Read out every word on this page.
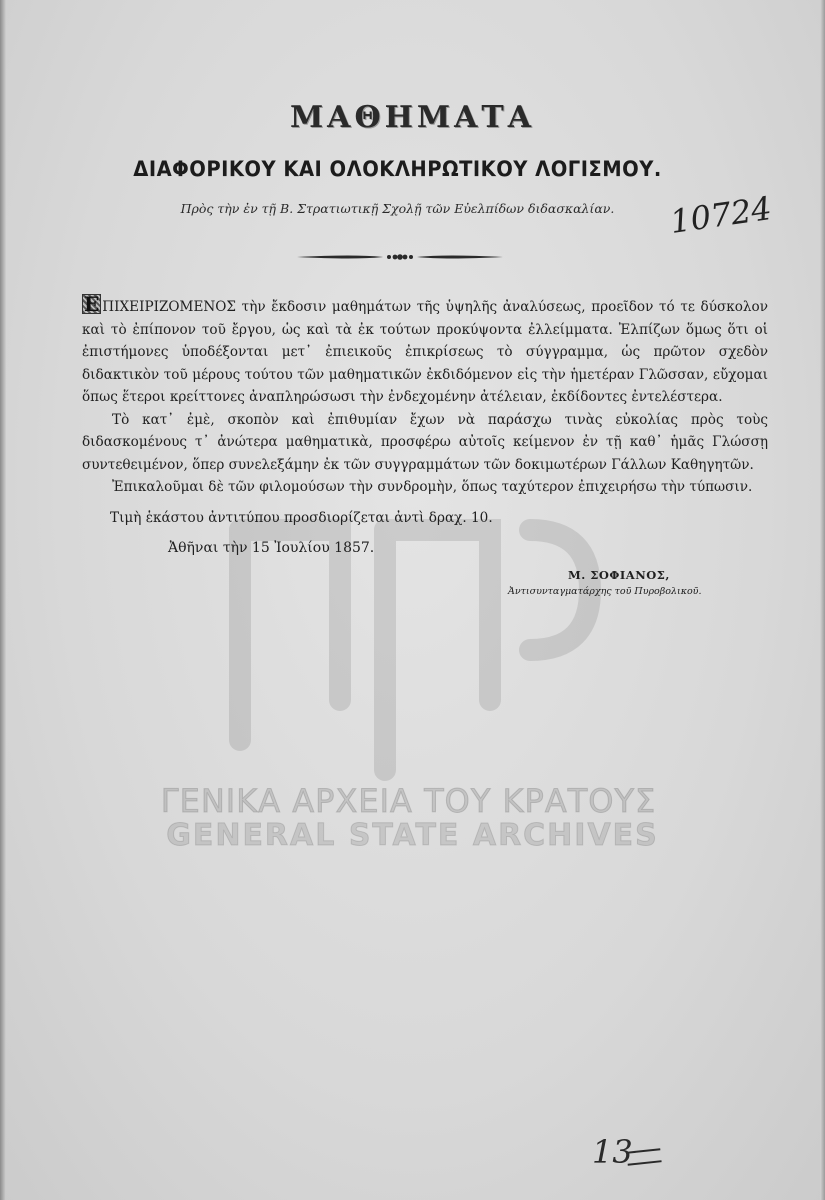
ΓΕΝΙΚΑ ΑΡΧΕΙΑ ΤΟΥ ΚΡΑΤΟΥΣ
GENERAL STATE ARCHIVES
ΜΑΘΗΜΑΤΑ
ΔΙΑΦΟΡΙΚΟΥ ΚΑΙ ΟΛΟΚΛΗΡΩΤΙΚΟΥ ΛΟΓΙΣΜΟΥ.
Πρὸς τὴν ἐν τῇ Β. Στρατιωτικῇ Σχολῇ τῶν Εὐελπίδων διδασκαλίαν.	10724

Ε ΠΙΧΕΙΡΙΖΟΜΕΝΟΣ τὴν ἔκδοσιν μαθημάτων τῆς ὑψηλῆς ἀναλύσεως, προεῖδον τό τε δύσκολον καὶ τὸ ἐπίπονον τοῦ ἔργου, ὡς καὶ τὰ ἐκ τούτων προκύψοντα ἐλλείμματα. Ἐλπίζων ὅμως ὅτι οἱ ἐπιστήμονες ὑποδέξονται μετ᾽ ἐπιεικοῦς ἐπικρίσεως τὸ σύγγραμμα, ὡς πρῶτον σχεδὸν διδακτικὸν τοῦ μέρους τούτου τῶν μαθηματικῶν ἐκδιδόμενον εἰς τὴν ἡμετέραν Γλῶσσαν, εὔχομαι ὅπως ἕτεροι κρείττονες ἀναπληρώσωσι τὴν ἐνδεχομένην ἀτέλειαν, ἐκδίδοντες ἐντελέστερα.

Τὸ κατ᾽ ἐμὲ, σκοπὸν καὶ ἐπιθυμίαν ἔχων νὰ παράσχω τινὰς εὐκολίας πρὸς τοὺς διδασκομένους τ᾽ ἀνώτερα μαθηματικὰ, προσφέρω αὐτοῖς κείμενον ἐν τῇ καθ᾽ ἡμᾶς Γλώσσῃ συντεθειμένον, ὅπερ συνελεξάμην ἐκ τῶν συγγραμμάτων τῶν δοκιμωτέρων Γάλλων Καθηγητῶν.

Ἐπικαλοῦμαι δὲ τῶν φιλομούσων τὴν συνδρομὴν, ὅπως ταχύτερον ἐπιχειρήσω τὴν τύπωσιν.

Τιμὴ ἑκάστου ἀντιτύπου προσδιορίζεται ἀντὶ δραχ. 10.
Ἀθῆναι τὴν 15 Ἰουλίου 1857.
Μ. ΣΟΦΙΑΝΟΣ,
Ἀντισυνταγματάρχης τοῦ Πυροβολικοῦ.
13
